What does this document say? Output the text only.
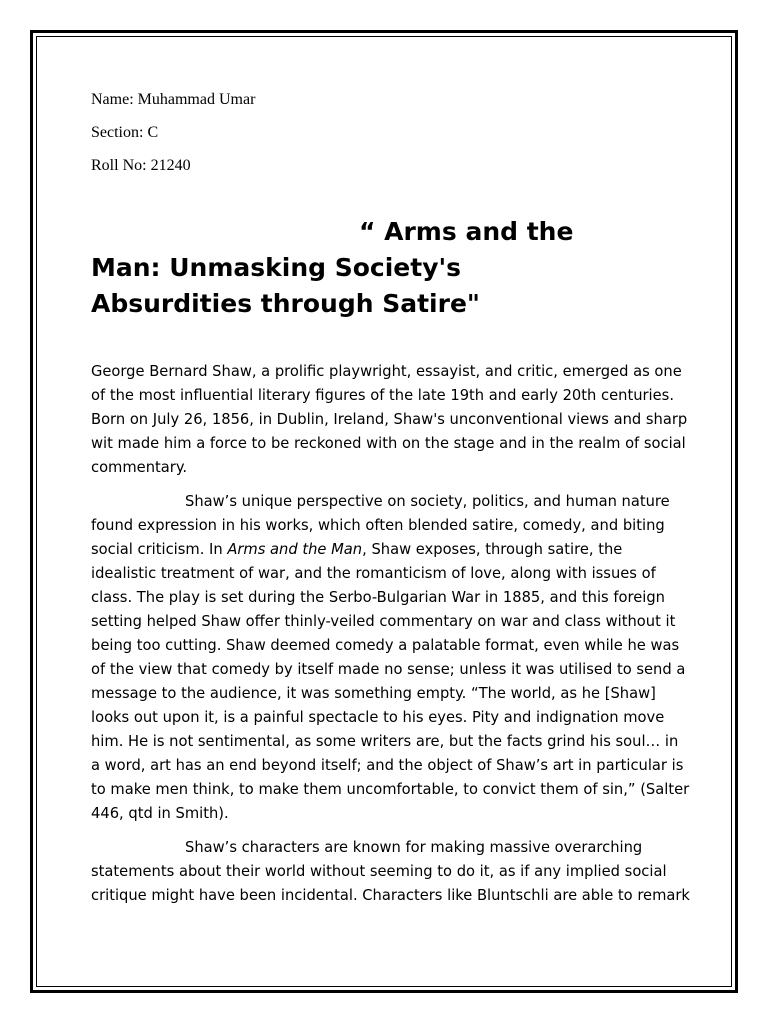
Name: Muhammad Umar

Section: C

Roll No: 21240

“ Arms and the
Man: Unmasking Society's
Absurdities through Satire"

George Bernard Shaw, a prolific playwright, essayist, and critic, emerged as one of the most influential literary figures of the late 19th and early 20th centuries. Born on July 26, 1856, in Dublin, Ireland, Shaw's unconventional views and sharp wit made him a force to be reckoned with on the stage and in the realm of social commentary.

Shaw’s unique perspective on society, politics, and human nature found expression in his works, which often blended satire, comedy, and biting social criticism. In Arms and the Man, Shaw exposes, through satire, the idealistic treatment of war, and the romanticism of love, along with issues of class. The play is set during the Serbo-Bulgarian War in 1885, and this foreign setting helped Shaw offer thinly-veiled commentary on war and class without it being too cutting. Shaw deemed comedy a palatable format, even while he was of the view that comedy by itself made no sense; unless it was utilised to send a message to the audience, it was something empty. “The world, as he [Shaw] looks out upon it, is a painful spectacle to his eyes. Pity and indignation move him. He is not sentimental, as some writers are, but the facts grind his soul… in a word, art has an end beyond itself; and the object of Shaw’s art in particular is to make men think, to make them uncomfortable, to convict them of sin,” (Salter 446, qtd in Smith).

Shaw’s characters are known for making massive overarching statements about their world without seeming to do it, as if any implied social critique might have been incidental. Characters like Bluntschli are able to remark
